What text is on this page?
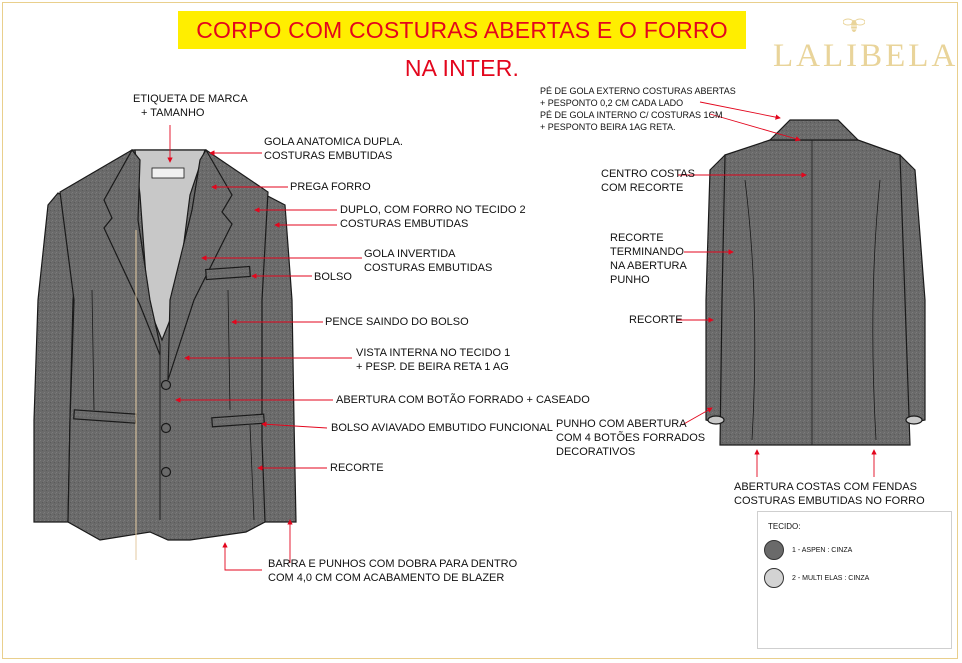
CORPO COM COSTURAS ABERTAS E O FORRO NA INTER.	LALIBELA
ETIQUETA DE MARCA
+ TAMANHO
GOLA ANATOMICA DUPLA.
COSTURAS EMBUTIDAS
PREGA FORRO
DUPLO, COM FORRO NO TECIDO 2
COSTURAS EMBUTIDAS
GOLA INVERTIDA
COSTURAS EMBUTIDAS
BOLSO
PENCE SAINDO DO BOLSO
VISTA INTERNA NO TECIDO 1
+ PESP. DE BEIRA RETA 1 AG
ABERTURA COM BOTÃO FORRADO + CASEADO
BOLSO AVIAVADO EMBUTIDO FUNCIONAL
RECORTE
BARRA E PUNHOS COM DOBRA PARA DENTRO
COM 4,0 CM COM ACABAMENTO DE BLAZER
PÉ DE GOLA EXTERNO COSTURAS ABERTAS
+ PESPONTO 0,2 CM CADA LADO
PÉ DE GOLA INTERNO C/ COSTURAS 1CM
+ PESPONTO BEIRA 1AG RETA.
CENTRO COSTAS
COM RECORTE
RECORTE
TERMINANDO
NA ABERTURA
PUNHO
RECORTE
PUNHO COM ABERTURA
COM 4 BOTÕES FORRADOS
DECORATIVOS
ABERTURA COSTAS COM FENDAS
COSTURAS EMBUTIDAS NO FORRO
TECIDO:
1 - ASPEN : CINZA
2 - MULTI ELAS : CINZA
